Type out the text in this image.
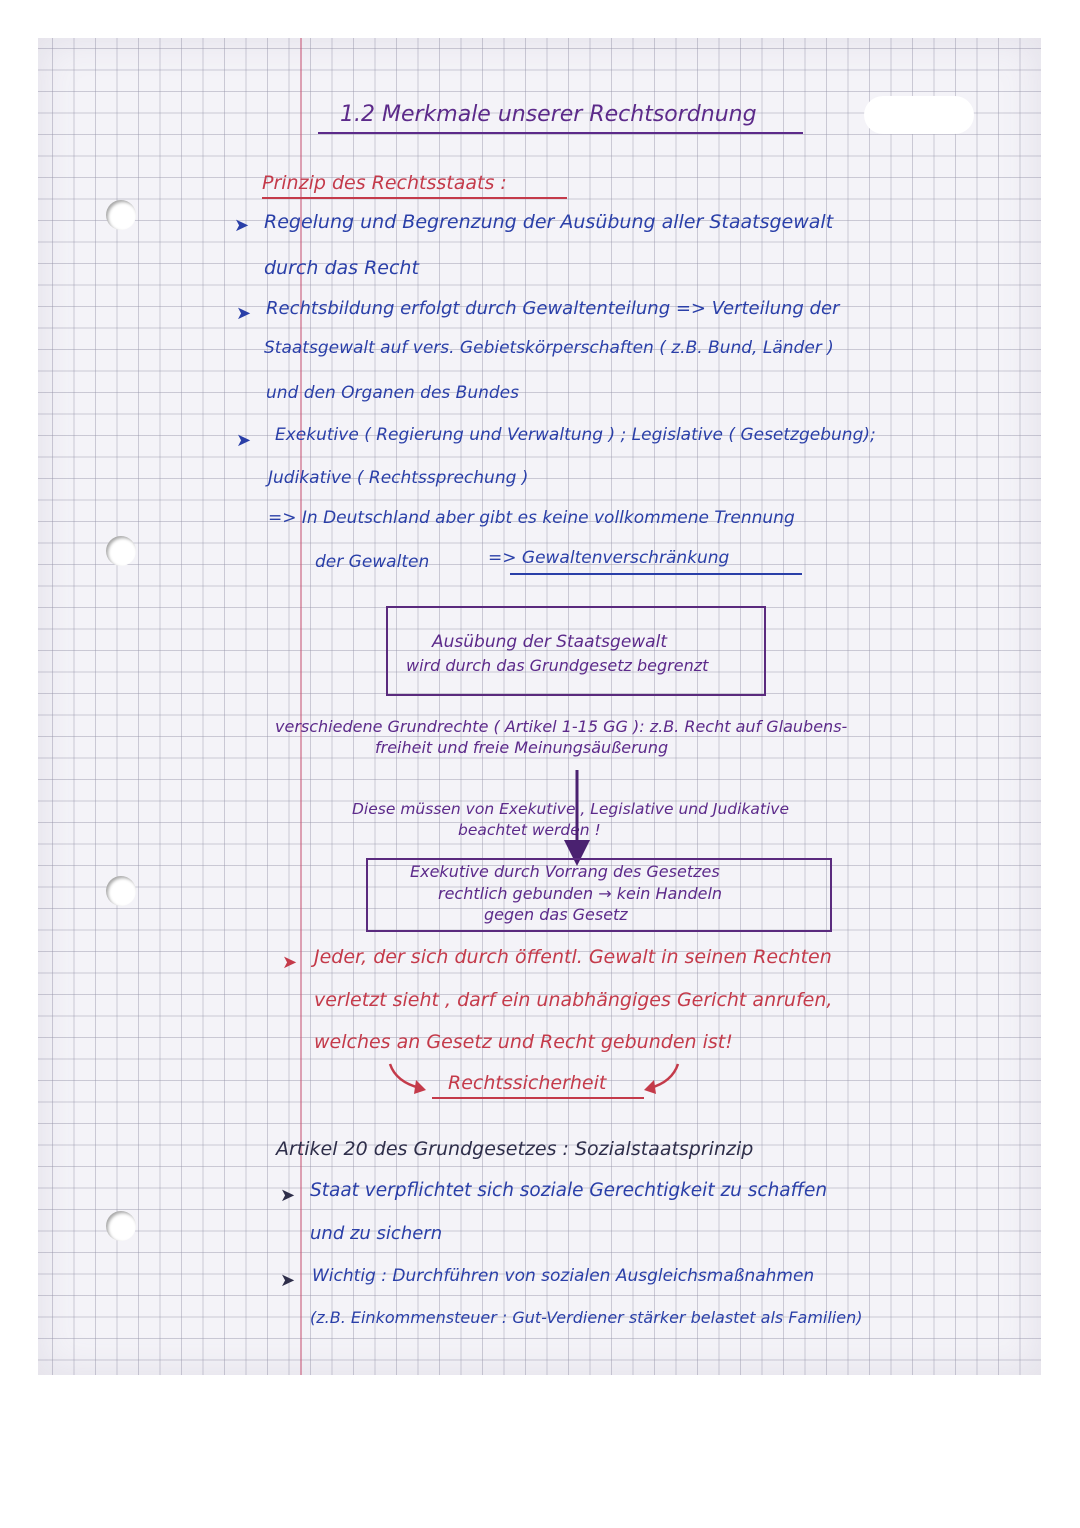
1.2 Merkmale unserer Rechtsordnung
Prinzip des Rechtsstaats :
➤ Regelung und Begrenzung der Ausübung aller Staatsgewalt
durch das Recht
➤ Rechtsbildung erfolgt durch Gewaltenteilung => Verteilung der
Staatsgewalt auf vers. Gebietskörperschaften ( z.B. Bund, Länder )
und den Organen des Bundes
➤ Exekutive ( Regierung und Verwaltung ) ; Legislative ( Gesetzgebung);
Judikative ( Rechtssprechung )
=> In Deutschland aber gibt es keine vollkommene Trennung
der Gewalten	=> Gewaltenverschränkung
Ausübung der Staatsgewalt
wird durch das Grundgesetz begrenzt
verschiedene Grundrechte ( Artikel 1-15 GG ): z.B. Recht auf Glaubens-
freiheit und freie Meinungsäußerung
Diese müssen von Exekutive , Legislative und Judikative
beachtet werden !
Exekutive durch Vorrang des Gesetzes
rechtlich gebunden → kein Handeln
gegen das Gesetz
➤ Jeder, der sich durch öffentl. Gewalt in seinen Rechten
verletzt sieht , darf ein unabhängiges Gericht anrufen,
welches an Gesetz und Recht gebunden ist!
Rechtssicherheit
Artikel 20 des Grundgesetzes : Sozialstaatsprinzip
➤ Staat verpflichtet sich soziale Gerechtigkeit zu schaffen
und zu sichern
➤ Wichtig : Durchführen von sozialen Ausgleichsmaßnahmen
(z.B. Einkommensteuer : Gut-Verdiener stärker belastet als Familien)
